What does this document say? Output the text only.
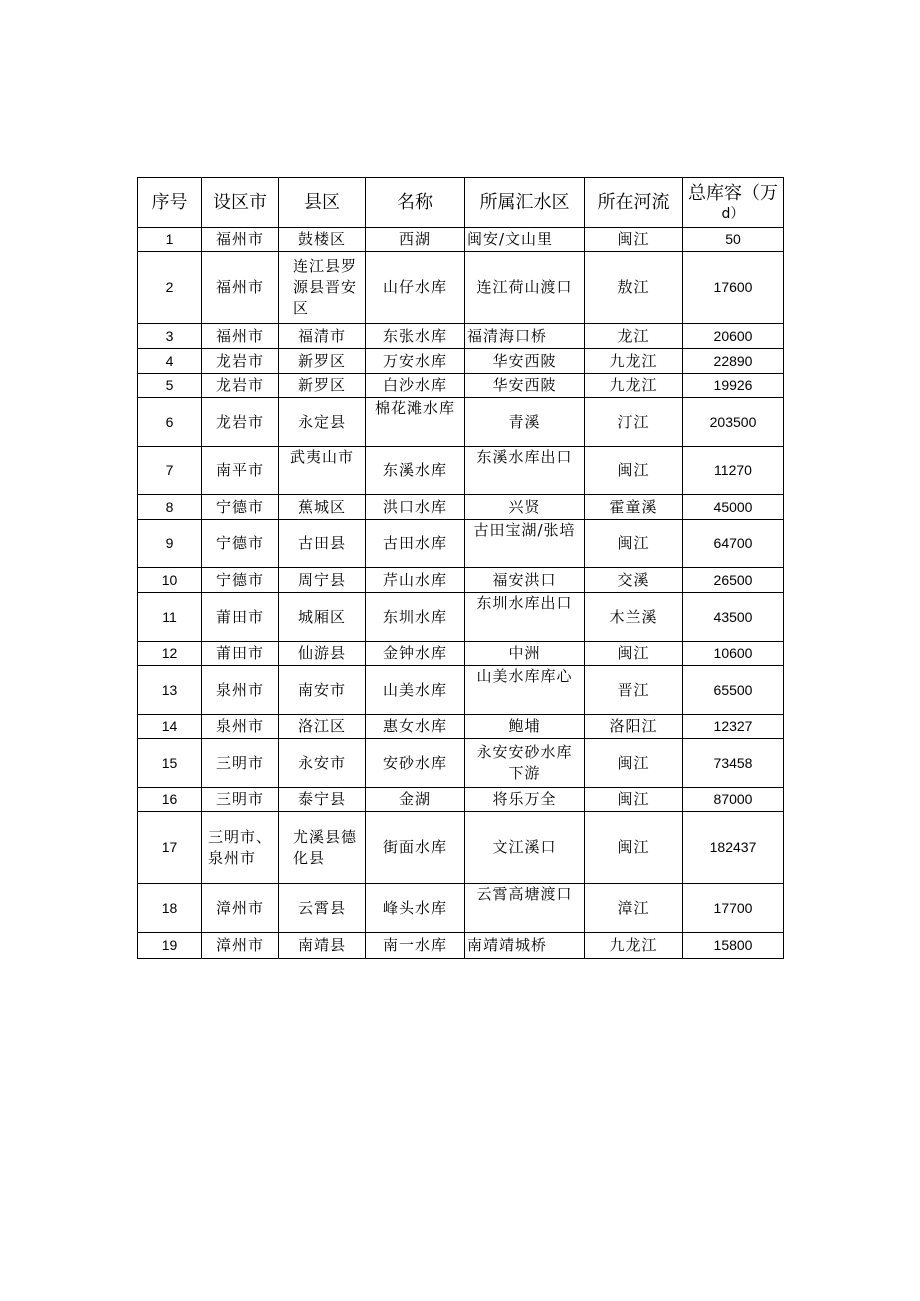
序号	设区市	县区	名称	所属汇水区	所在河流	总库容（万
d）

1	福州市	鼓楼区	西湖	闽安/文山里	闽江	50
2	福州市	连江县罗源县晋安区	山仔水库	连江荷山渡口	敖江	17600
3	福州市	福清市	东张水库	福清海口桥	龙江	20600
4	龙岩市	新罗区	万安水库	华安西陂	九龙江	22890
5	龙岩市	新罗区	白沙水库	华安西陂	九龙江	19926
6	龙岩市	永定县	棉花滩水库	青溪	汀江	203500
7	南平市	武夷山市	东溪水库	东溪水库出口	闽江	11270
8	宁德市	蕉城区	洪口水库	兴贤	霍童溪	45000
9	宁德市	古田县	古田水库	古田宝湖/张培	闽江	64700
10	宁德市	周宁县	芹山水库	福安洪口	交溪	26500
11	莆田市	城厢区	东圳水库	东圳水库出口	木兰溪	43500
12	莆田市	仙游县	金钟水库	中洲	闽江	10600
13	泉州市	南安市	山美水库	山美水库库心	晋江	65500
14	泉州市	洛江区	惠女水库	鲍埔	洛阳江	12327
15	三明市	永安市	安砂水库	永安安砂水库下游	闽江	73458
16	三明市	泰宁县	金湖	将乐万全	闽江	87000
17	三明市、泉州市	尤溪县德化县	街面水库	文江溪口	闽江	182437
18	漳州市	云霄县	峰头水库	云霄高塘渡口	漳江	17700
19	漳州市	南靖县	南一水库	南靖靖城桥	九龙江	15800
